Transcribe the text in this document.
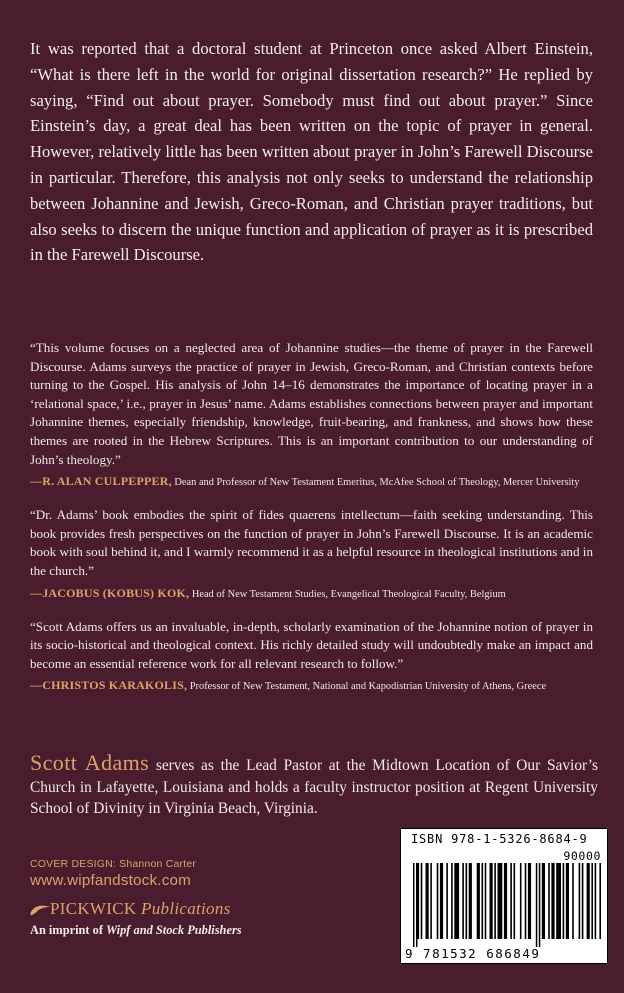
It was reported that a doctoral student at Princeton once asked Albert Einstein, “What is there left in the world for original dissertation research?” He replied by saying, “Find out about prayer. Somebody must find out about prayer.” Since Einstein’s day, a great deal has been written on the topic of prayer in general. However, relatively little has been written about prayer in John’s Farewell Discourse in particular. Therefore, this analysis not only seeks to understand the relationship between Johannine and Jewish, Greco-Roman, and Christian prayer traditions, but also seeks to discern the unique function and application of prayer as it is prescribed in the Farewell Discourse.

“This volume focuses on a neglected area of Johannine studies—the theme of prayer in the Farewell Discourse. Adams surveys the practice of prayer in Jewish, Greco-Roman, and Christian contexts before turning to the Gospel. His analysis of John 14–16 demonstrates the importance of locating prayer in a ‘relational space,’ i.e., prayer in Jesus’ name. Adams establishes connections between prayer and important Johannine themes, especially friendship, knowledge, fruit-bearing, and frankness, and shows how these themes are rooted in the Hebrew Scriptures. This is an important contribution to our understanding of John’s theology.”

—R. ALAN CULPEPPER, Dean and Professor of New Testament Emeritus, McAfee School of Theology, Mercer University

“Dr. Adams’ book embodies the spirit of fides quaerens intellectum—faith seeking understanding. This book provides fresh perspectives on the function of prayer in John’s Farewell Discourse. It is an academic book with soul behind it, and I warmly recommend it as a helpful resource in theological institutions and in the church.”

—JACOBUS (KOBUS) KOK, Head of New Testament Studies, Evangelical Theological Faculty, Belgium

“Scott Adams offers us an invaluable, in-depth, scholarly examination of the Johannine notion of prayer in its socio-historical and theological context. His richly detailed study will undoubtedly make an impact and become an essential reference work for all relevant research to follow.”

—CHRISTOS KARAKOLIS, Professor of New Testament, National and Kapodistrian University of Athens, Greece

Scott Adams serves as the Lead Pastor at the Midtown Location of Our Savior’s Church in Lafayette, Louisiana and holds a faculty instructor position at Regent University School of Divinity in Virginia Beach, Virginia.

COVER DESIGN: Shannon Carter
www.wipfandstock.com
PICKWICK Publications
An imprint of Wipf and Stock Publishers
ISBN 978-1-5326-8684-9
90000
9 781532 686849
